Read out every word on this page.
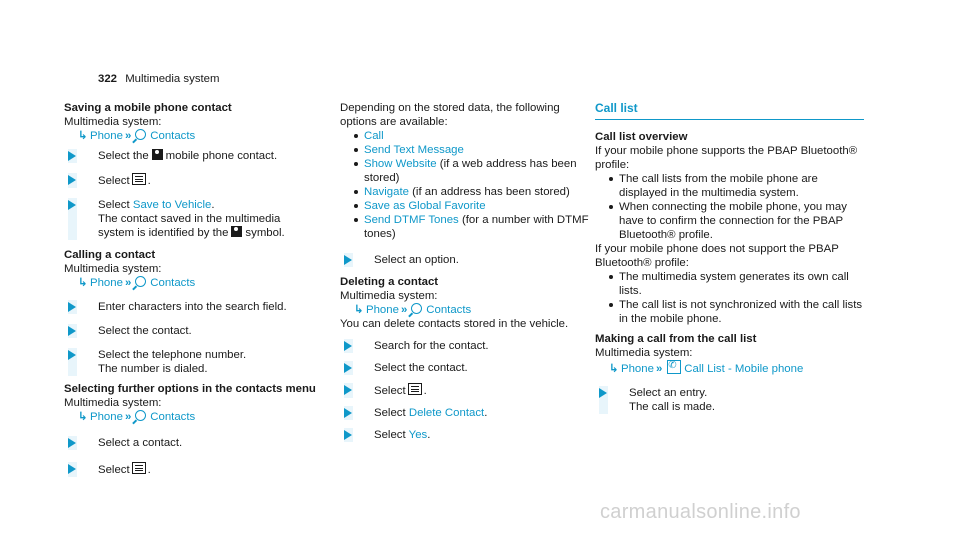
322 Multimedia system

Saving a mobile phone contact

Multimedia system:

↳ Phone » Contacts

Select the mobile phone contact.
Select .
Select Save to Vehicle.
The contact saved in the multimedia system is identified by the symbol.

Calling a contact

Multimedia system:

↳ Phone » Contacts

Enter characters into the search field.
Select the contact.
Select the telephone number.
The number is dialed.

Selecting further options in the contacts menu

Multimedia system:

↳ Phone » Contacts

Select a contact.
Select .

Depending on the stored data, the following options are available:

Call
Send Text Message
Show Website (if a web address has been stored)
Navigate (if an address has been stored)
Save as Global Favorite
Send DTMF Tones (for a number with DTMF tones)
Select an option.

Deleting a contact

Multimedia system:

↳ Phone » Contacts

You can delete contacts stored in the vehicle.

Search for the contact.
Select the contact.
Select .
Select Delete Contact.
Select Yes.
Call list

Call list overview

If your mobile phone supports the PBAP Bluetooth® profile:

The call lists from the mobile phone are displayed in the multimedia system.
When connecting the mobile phone, you may have to confirm the connection for the PBAP Bluetooth® profile.

If your mobile phone does not support the PBAP Bluetooth® profile:

The multimedia system generates its own call lists.
The call list is not synchronized with the call lists in the mobile phone.

Making a call from the call list

Multimedia system:

↳ Phone »✆ Call List - Mobile phone

Select an entry.
The call is made.
carmanualsonline.info
